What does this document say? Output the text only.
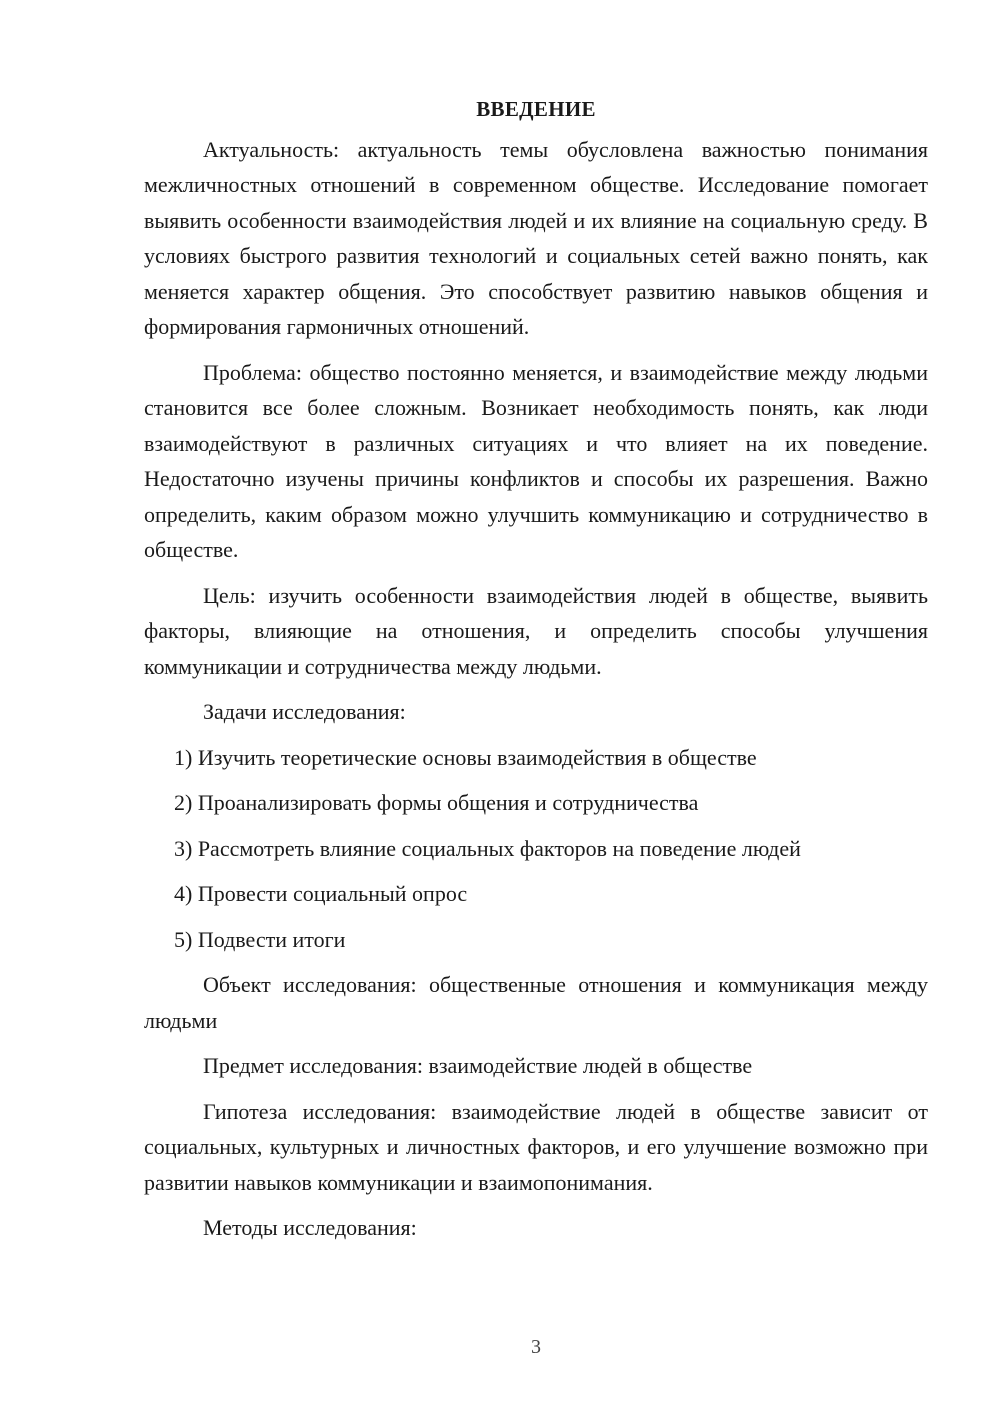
ВВЕДЕНИЕ

Актуальность: актуальность темы обусловлена важностью понимания межличностных отношений в современном обществе. Исследование помогает выявить особенности взаимодействия людей и их влияние на социальную среду. В условиях быстрого развития технологий и социальных сетей важно понять, как меняется характер общения. Это способствует развитию навыков общения и формирования гармоничных отношений.

Проблема: общество постоянно меняется, и взаимодействие между людьми становится все более сложным. Возникает необходимость понять, как люди взаимодействуют в различных ситуациях и что влияет на их поведение. Недостаточно изучены причины конфликтов и способы их разрешения. Важно определить, каким образом можно улучшить коммуникацию и сотрудничество в обществе.

Цель: изучить особенности взаимодействия людей в обществе, выявить факторы, влияющие на отношения, и определить способы улучшения коммуникации и сотрудничества между людьми.

Задачи исследования:

1) Изучить теоретические основы взаимодействия в обществе

2) Проанализировать формы общения и сотрудничества

3) Рассмотреть влияние социальных факторов на поведение людей

4) Провести социальный опрос

5) Подвести итоги

Объект исследования: общественные отношения и коммуникация между людьми

Предмет исследования: взаимодействие людей в обществе

Гипотеза исследования: взаимодействие людей в обществе зависит от социальных, культурных и личностных факторов, и его улучшение возможно при развитии навыков коммуникации и взаимопонимания.

Методы исследования:

3
